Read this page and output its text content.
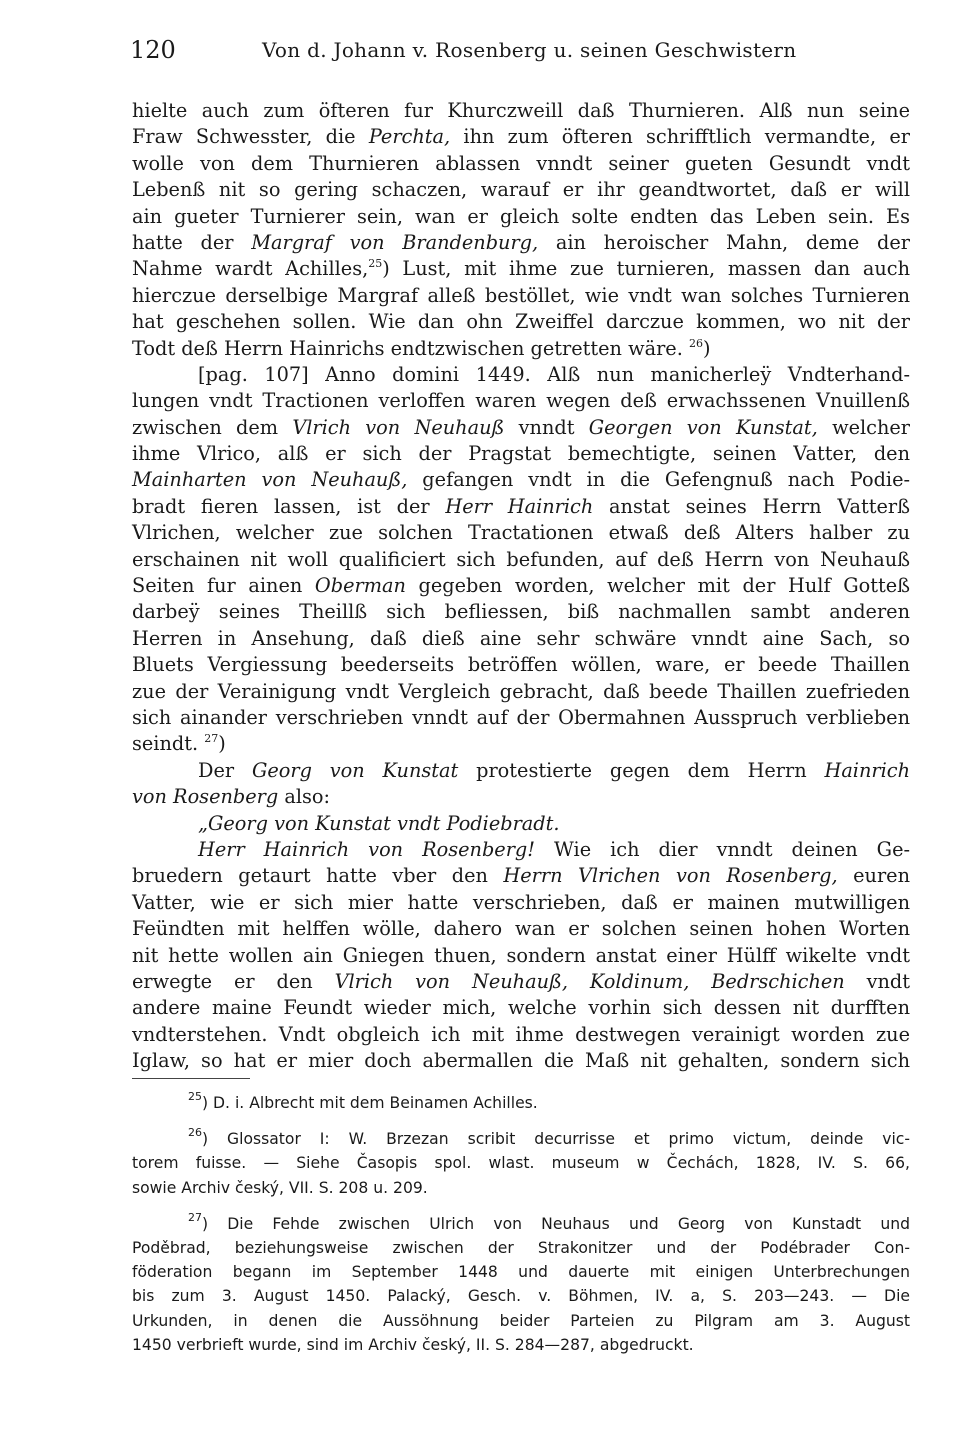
120	Von d. Johann v. Rosenberg u. seinen Geschwistern
hielte auch zum öfteren fur Khurczweill daß Thurnieren. Alß nun seine
Fraw Schwesster, die Perchta, ihn zum öfteren schrifftlich vermandte, er
wolle von dem Thurnieren ablassen vnndt seiner gueten Gesundt vndt
Lebenß nit so gering schaczen, warauf er ihr geandtwortet, daß er will
ain gueter Turnierer sein, wan er gleich solte endten das Leben sein. Es
hatte der Margraf von Brandenburg, ain heroischer Mahn, deme der
Nahme wardt Achilles,$^{25}$) Lust, mit ihme zue turnieren, massen dan auch
hierczue derselbige Margraf alleß bestöllet, wie vndt wan solches Turnieren
hat geschehen sollen. Wie dan ohn Zweiffel darczue kommen, wo nit der
Todt deß Herrn Hainrichs endtzwischen getretten wäre. $^{26}$)
[pag. 107] Anno domini 1449. Alß nun manicherleÿ Vndterhand-
lungen vndt Tractionen verloffen waren wegen deß erwachssenen Vnuillenß
zwischen dem Vlrich von Neuhauß vnndt Georgen von Kunstat, welcher
ihme Vlrico, alß er sich der Pragstat bemechtigte, seinen Vatter, den
Mainharten von Neuhauß, gefangen vndt in die Gefengnuß nach Podie-
bradt fieren lassen, ist der Herr Hainrich anstat seines Herrn Vatterß
Vlrichen, welcher zue solchen Tractationen etwaß deß Alters halber zu
erschainen nit woll qualificiert sich befunden, auf deß Herrn von Neuhauß
Seiten fur ainen Oberman gegeben worden, welcher mit der Hulf Gotteß
darbeÿ seines Theillß sich befliessen, biß nachmallen sambt anderen
Herren in Ansehung, daß dieß aine sehr schwäre vnndt aine Sach, so
Bluets Vergiessung beederseits betröffen wöllen, ware, er beede Thaillen
zue der Verainigung vndt Vergleich gebracht, daß beede Thaillen zuefrieden
sich ainander verschrieben vnndt auf der Obermahnen Ausspruch verblieben
seindt. $^{27}$)
Der Georg von Kunstat protestierte gegen dem Herrn Hainrich
von Rosenberg also:
„Georg von Kunstat vndt Podiebradt.
Herr Hainrich von Rosenberg! Wie ich dier vnndt deinen Ge-
bruedern getaurt hatte vber den Herrn Vlrichen von Rosenberg, euren
Vatter, wie er sich mier hatte verschrieben, daß er mainen mutwilligen
Feündten mit helffen wölle, dahero wan er solchen seinen hohen Worten
nit hette wollen ain Gniegen thuen, sondern anstat einer Hülff wikelte vndt
erwegte er den Vlrich von Neuhauß, Koldinum, Bedrschichen vndt
andere maine Feundt wieder mich, welche vorhin sich dessen nit durfften
vndterstehen. Vndt obgleich ich mit ihme destwegen verainigt worden zue
Iglaw, so hat er mier doch abermallen die Maß nit gehalten, sondern sich
$^{25}$) D. i. Albrecht mit dem Beinamen Achilles.
$^{26}$) Glossator I: W. Brzezan scribit decurrisse et primo victum, deinde vic-
torem fuisse. — Siehe Časopis spol. wlast. museum w Čechách, 1828, IV. S. 66,
sowie Archiv český, VII. S. 208 u. 209.
$^{27}$) Die Fehde zwischen Ulrich von Neuhaus und Georg von Kunstadt und
Poděbrad, beziehungsweise zwischen der Strakonitzer und der Podébrader Con-
föderation begann im September 1448 und dauerte mit einigen Unterbrechungen
bis zum 3. August 1450. Palacký, Gesch. v. Böhmen, IV. a, S. 203—243. — Die
Urkunden, in denen die Aussöhnung beider Parteien zu Pilgram am 3. August
1450 verbrieft wurde, sind im Archiv český, II. S. 284—287, abgedruckt.
